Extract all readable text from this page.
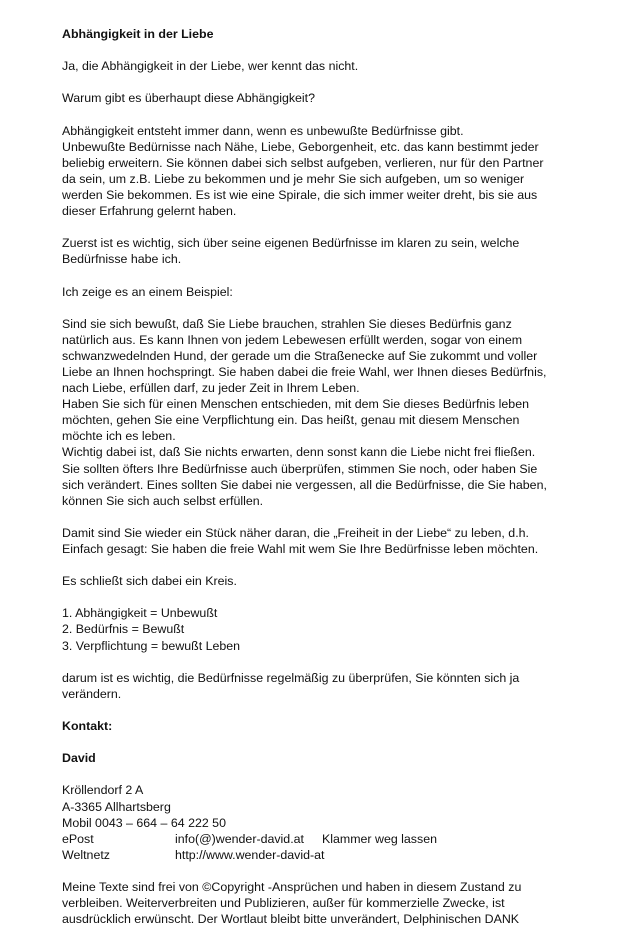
Abhängigkeit in der Liebe
Ja, die Abhängigkeit in der Liebe, wer kennt das nicht.
Warum gibt es überhaupt diese Abhängigkeit?
Abhängigkeit entsteht immer dann, wenn es unbewußte Bedürfnisse gibt.
Unbewußte Bedürnisse nach Nähe, Liebe, Geborgenheit, etc. das kann bestimmt jeder
beliebig erweitern. Sie können dabei sich selbst aufgeben, verlieren, nur für den Partner
da sein, um z.B. Liebe zu bekommen und je mehr Sie sich aufgeben, um so weniger
werden Sie bekommen. Es ist wie eine Spirale, die sich immer weiter dreht, bis sie aus
dieser Erfahrung gelernt haben.
Zuerst ist es wichtig, sich über seine eigenen Bedürfnisse im klaren zu sein, welche
Bedürfnisse habe ich.
Ich zeige es an einem Beispiel:
Sind sie sich bewußt, daß Sie Liebe brauchen, strahlen Sie dieses Bedürfnis ganz
natürlich aus. Es kann Ihnen von jedem Lebewesen erfüllt werden, sogar von einem
schwanzwedelnden Hund, der gerade um die Straßenecke auf Sie zukommt und voller
Liebe an Ihnen hochspringt. Sie haben dabei die freie Wahl, wer Ihnen dieses Bedürfnis,
nach Liebe, erfüllen darf, zu jeder Zeit in Ihrem Leben.
Haben Sie sich für einen Menschen entschieden, mit dem Sie dieses Bedürfnis leben
möchten, gehen Sie eine Verpflichtung ein. Das heißt, genau mit diesem Menschen
möchte ich es leben.
Wichtig dabei ist, daß Sie nichts erwarten, denn sonst kann die Liebe nicht frei fließen.
Sie sollten öfters Ihre Bedürfnisse auch überprüfen, stimmen Sie noch, oder haben Sie
sich verändert. Eines sollten Sie dabei nie vergessen, all die Bedürfnisse, die Sie haben,
können Sie sich auch selbst erfüllen.
Damit sind Sie wieder ein Stück näher daran, die „Freiheit in der Liebe“ zu leben, d.h.
Einfach gesagt: Sie haben die freie Wahl mit wem Sie Ihre Bedürfnisse leben möchten.
Es schließt sich dabei ein Kreis.
1. Abhängigkeit = Unbewußt
2. Bedürfnis = Bewußt
3. Verpflichtung = bewußt Leben
darum ist es wichtig, die Bedürfnisse regelmäßig zu überprüfen, Sie könnten sich ja
verändern.
Kontakt:
David
Kröllendorf 2 A
A-3365 Allhartsberg
Mobil 0043 – 664 – 64 222 50
ePost	info(@)wender-david.at Klammer weg lassen
Weltnetz	http://www.wender-david-at
Meine Texte sind frei von ©Copyright -Ansprüchen und haben in diesem Zustand zu
verbleiben. Weiterverbreiten und Publizieren, außer für kommerzielle Zwecke, ist
ausdrücklich erwünscht. Der Wortlaut bleibt bitte unverändert, Delphinischen DANK
